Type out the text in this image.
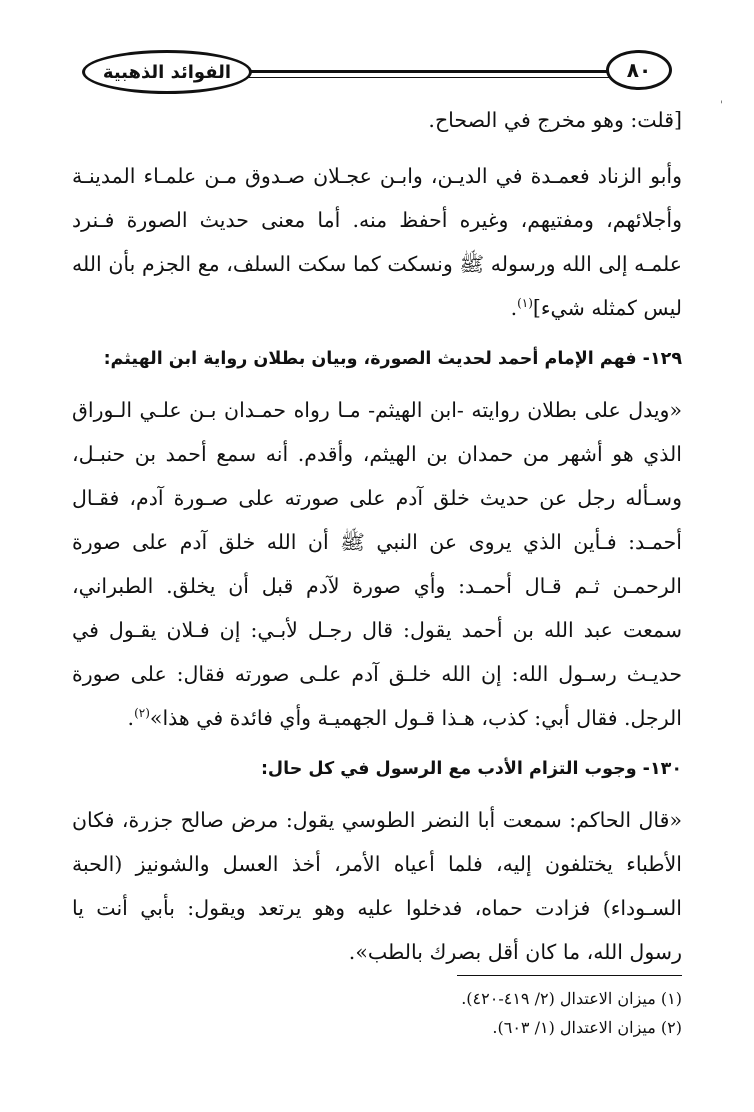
الفوائد الذهبية	٨٠
'

[قلت: وهو مخرج في الصحاح.

وأبو الزناد فعمـدة في الديـن، وابـن عجـلان صـدوق مـن علمـاء المدينـة وأجلائهم، ومفتيهم، وغيره أحفظ منه. أما معنى حديث الصورة فـنرد علمـه إلى الله ورسوله ﷺ ونسكت كما سكت السلف، مع الجزم بأن الله ليس كمثله شيء]$^{(١)}$.

١٢٩- فهم الإمام أحمد لحديث الصورة، وبيان بطلان رواية ابن الهيثم:

«ويدل على بطلان روايته -ابن الهيثم- مـا رواه حمـدان بـن علـي الـوراق الذي هو أشهر من حمدان بن الهيثم، وأقدم. أنه سمع أحمد بن حنبـل، وسـأله رجل عن حديث خلق آدم على صورته على صـورة آدم، فقـال أحمـد: فـأين الذي يروى عن النبي ﷺ أن الله خلق آدم على صورة الرحمـن ثـم قـال أحمـد: وأي صورة لآدم قبل أن يخلق. الطبراني، سمعت عبد الله بن أحمد يقول: قال رجـل لأبـي: إن فـلان يقـول في حديـث رسـول الله: إن الله خلـق آدم علـى صورته فقال: على صورة الرجل. فقال أبي: كذب، هـذا قـول الجهميـة وأي فائدة في هذا»$^{(٢)}$.

١٣٠- وجوب التزام الأدب مع الرسول في كل حال:

«قال الحاكم: سمعت أبا النضر الطوسي يقول: مرض صالح جزرة، فكان الأطباء يختلفون إليه، فلما أعياه الأمر، أخذ العسل والشونيز (الحبة السـوداء) فزادت حماه، فدخلوا عليه وهو يرتعد ويقول: بأبي أنت يا رسول الله، ما كان أقل بصرك بالطب».

(١) ميزان الاعتدال (٢/ ٤١٩-٤٢٠).

(٢) ميزان الاعتدال (١/ ٦٠٣).
